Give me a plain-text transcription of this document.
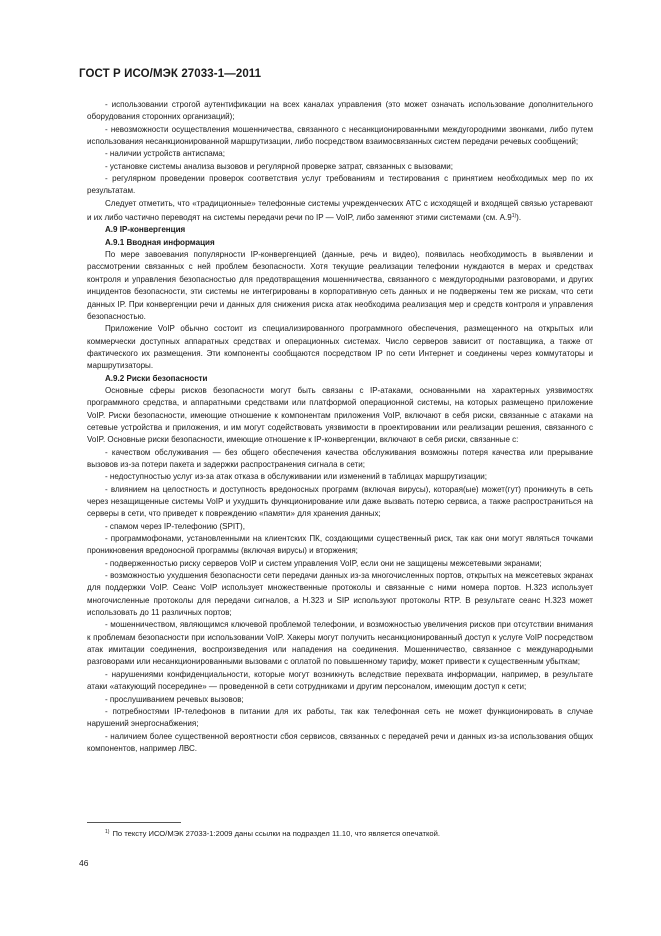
ГОСТ Р ИСО/МЭК 27033-1—2011

- использовании строгой аутентификации на всех каналах управления (это может означать использование дополнительного оборудования сторонних организаций);

- невозможности осуществления мошенничества, связанного с несанкционированными междугородними звонками, либо путем использования несанкционированной маршрутизации, либо посредством взаимосвязанных систем передачи речевых сообщений;

- наличии устройств антиспама;

- установке системы анализа вызовов и регулярной проверке затрат, связанных с вызовами;

- регулярном проведении проверок соответствия услуг требованиям и тестирования с принятием необходимых мер по их результатам.

Следует отметить, что «традиционные» телефонные системы учрежденческих АТС с исходящей и входящей связью устаревают и их либо частично переводят на системы передачи речи по IP — VoIP, либо заменяют этими системами (см. А.9$^{1)}$).

А.9 IP-конвергенция

А.9.1 Вводная информация

По мере завоевания популярности IP-конвергенцией (данные, речь и видео), появилась необходимость в выявлении и рассмотрении связанных с ней проблем безопасности. Хотя текущие реализации телефонии нуждаются в мерах и средствах контроля и управления безопасностью для предотвращения мошенничества, связанного с междугородными разговорами, и других инцидентов безопасности, эти системы не интегрированы в корпоративную сеть данных и не подвержены тем же рискам, что сети данных IP. При конвергенции речи и данных для снижения риска атак необходима реализация мер и средств контроля и управления безопасностью.

Приложение VoIP обычно состоит из специализированного программного обеспечения, размещенного на открытых или коммерчески доступных аппаратных средствах и операционных системах. Число серверов зависит от поставщика, а также от фактического их размещения. Эти компоненты сообщаются посредством IP по сети Интернет и соединены через коммутаторы и маршрутизаторы.

А.9.2 Риски безопасности

Основные сферы рисков безопасности могут быть связаны с IP-атаками, основанными на характерных уязвимостях программного средства, и аппаратными средствами или платформой операционной системы, на которых размещено приложение VoIP. Риски безопасности, имеющие отношение к компонентам приложения VoIP, включают в себя риски, связанные с атаками на сетевые устройства и приложения, и им могут содействовать уязвимости в проектировании или реализации решения, связанного с VoIP. Основные риски безопасности, имеющие отношение к IP-конвергенции, включают в себя риски, связанные с:

- качеством обслуживания — без общего обеспечения качества обслуживания возможны потеря качества или прерывание вызовов из-за потери пакета и задержки распространения сигнала в сети;

- недоступностью услуг из-за атак отказа в обслуживании или изменений в таблицах маршрутизации;

- влиянием на целостность и доступность вредоносных программ (включая вирусы), которая(ые) может(гут) проникнуть в сеть через незащищенные системы VoIP и ухудшить функционирование или даже вызвать потерю сервиса, а также распространиться на серверы в сети, что приведет к повреждению «памяти» для хранения данных;

- спамом через IP-телефонию (SPIT),

- программофонами, установленными на клиентских ПК, создающими существенный риск, так как они могут являться точками проникновения вредоносной программы (включая вирусы) и вторжения;

- подверженностью риску серверов VoIP и систем управления VoIP, если они не защищены межсетевыми экранами;

- возможностью ухудшения безопасности сети передачи данных из-за многочисленных портов, открытых на межсетевых экранах для поддержки VoIP. Сеанс VoIP использует множественные протоколы и связанные с ними номера портов. H.323 использует многочисленные протоколы для передачи сигналов, а H.323 и SIP используют протоколы RTP. В результате сеанс H.323 может использовать до 11 различных портов;

- мошенничеством, являющимся ключевой проблемой телефонии, и возможностью увеличения рисков при отсутствии внимания к проблемам безопасности при использовании VoIP. Хакеры могут получить несанкционированный доступ к услуге VoIP посредством атак имитации соединения, воспроизведения или нападения на соединения. Мошенничество, связанное с международными разговорами или несанкционированными вызовами с оплатой по повышенному тарифу, может привести к существенным убыткам;

- нарушениями конфиденциальности, которые могут возникнуть вследствие перехвата информации, например, в результате атаки «атакующий посередине» — проведенной в сети сотрудниками и другим персоналом, имеющим доступ к сети;

- прослушиванием речевых вызовов;

- потребностями IP-телефонов в питании для их работы, так как телефонная сеть не может функционировать в случае нарушений энергоснабжения;

- наличием более существенной вероятности сбоя сервисов, связанных с передачей речи и данных из-за использования общих компонентов, например ЛВС.

$^{1)}$ По тексту ИСО/МЭК 27033-1:2009 даны ссылки на подраздел 11.10, что является опечаткой.
46
